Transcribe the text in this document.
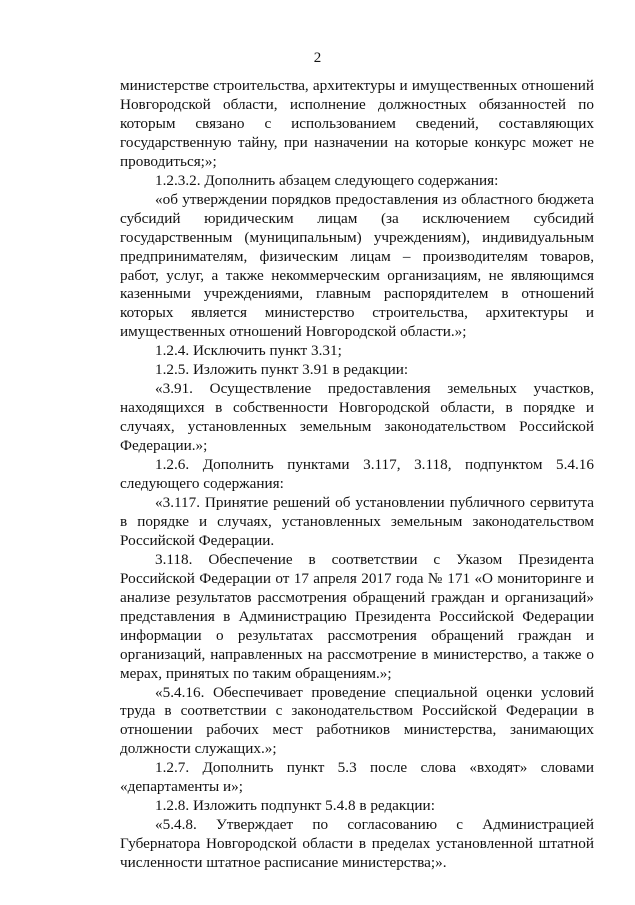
2

министерстве строительства, архитектуры и имущественных отношений Новгородской области, исполнение должностных обязанностей по которым связано с использованием сведений, составляющих государственную тайну, при назначении на которые конкурс может не проводиться;»;

1.2.3.2. Дополнить абзацем следующего содержания:

«об утверждении порядков предоставления из областного бюджета субсидий юридическим лицам (за исключением субсидий государственным (муниципальным) учреждениям), индивидуальным предпринимателям, физическим лицам – производителям товаров, работ, услуг, а также некоммерческим организациям, не являющимся казенными учреждениями, главным распорядителем в отношений которых является министерство строительства, архитектуры и имущественных отношений Новгородской области.»;

1.2.4. Исключить пункт 3.31;

1.2.5. Изложить пункт 3.91 в редакции:

«3.91. Осуществление предоставления земельных участков, находящихся в собственности Новгородской области, в порядке и случаях, установленных земельным законодательством Российской Федерации.»;

1.2.6. Дополнить пунктами 3.117, 3.118, подпунктом 5.4.16 следующего содержания:

«3.117. Принятие решений об установлении публичного сервитута в порядке и случаях, установленных земельным законодательством Российской Федерации.

3.118. Обеспечение в соответствии с Указом Президента Российской Федерации от 17 апреля 2017 года № 171 «О мониторинге и анализе результатов рассмотрения обращений граждан и организаций» представления в Администрацию Президента Российской Федерации информации о результатах рассмотрения обращений граждан и организаций, направленных на рассмотрение в министерство, а также о мерах, принятых по таким обращениям.»;

«5.4.16. Обеспечивает проведение специальной оценки условий труда в соответствии с законодательством Российской Федерации в отношении рабочих мест работников министерства, занимающих должности служащих.»;

1.2.7. Дополнить пункт 5.3 после слова «входят» словами «департаменты и»;

1.2.8. Изложить подпункт 5.4.8 в редакции:

«5.4.8. Утверждает по согласованию с Администрацией Губернатора Новгородской области в пределах установленной штатной численности штатное расписание министерства;».
